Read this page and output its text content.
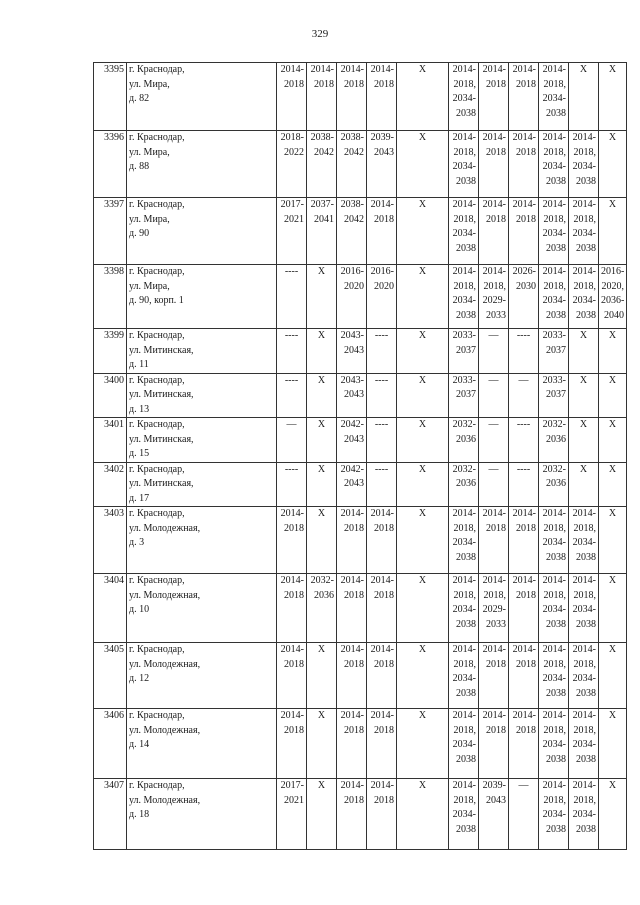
329
3395	г. Краснодар,
ул. Мира,
д. 82	2014-
2018	2014-
2018	2014-
2018	2014-
2018	Х	2014-
2018,
2034-
2038	2014-
2018	2014-
2018	2014-
2018,
2034-
2038	Х	Х
3396	г. Краснодар,
ул. Мира,
д. 88	2018-
2022	2038-
2042	2038-
2042	2039-
2043	Х	2014-
2018,
2034-
2038	2014-
2018	2014-
2018	2014-
2018,
2034-
2038	2014-
2018,
2034-
2038	Х
3397	г. Краснодар,
ул. Мира,
д. 90	2017-
2021	2037-
2041	2038-
2042	2014-
2018	Х	2014-
2018,
2034-
2038	2014-
2018	2014-
2018	2014-
2018,
2034-
2038	2014-
2018,
2034-
2038	Х
3398	г. Краснодар,
ул. Мира,
д. 90, корп. 1	----	Х	2016-
2020	2016-
2020	Х	2014-
2018,
2034-
2038	2014-
2018,
2029-
2033	2026-
2030	2014-
2018,
2034-
2038	2014-
2018,
2034-
2038	2016-
2020,
2036-
2040
3399	г. Краснодар,
ул. Митинская,
д. 11	----	Х	2043-
2043	----	Х	2033-
2037	—	----	2033-
2037	Х	Х
3400	г. Краснодар,
ул. Митинская,
д. 13	----	Х	2043-
2043	----	Х	2033-
2037	—	—	2033-
2037	Х	Х
3401	г. Краснодар,
ул. Митинская,
д. 15	—	Х	2042-
2043	----	Х	2032-
2036	—	----	2032-
2036	Х	Х
3402	г. Краснодар,
ул. Митинская,
д. 17	----	Х	2042-
2043	----	Х	2032-
2036	—	----	2032-
2036	Х	Х
3403	г. Краснодар,
ул. Молодежная,
д. 3	2014-
2018	Х	2014-
2018	2014-
2018	Х	2014-
2018,
2034-
2038	2014-
2018	2014-
2018	2014-
2018,
2034-
2038	2014-
2018,
2034-
2038	Х
3404	г. Краснодар,
ул. Молодежная,
д. 10	2014-
2018	2032-
2036	2014-
2018	2014-
2018	Х	2014-
2018,
2034-
2038	2014-
2018,
2029-
2033	2014-
2018	2014-
2018,
2034-
2038	2014-
2018,
2034-
2038	Х
3405	г. Краснодар,
ул. Молодежная,
д. 12	2014-
2018	Х	2014-
2018	2014-
2018	Х	2014-
2018,
2034-
2038	2014-
2018	2014-
2018	2014-
2018,
2034-
2038	2014-
2018,
2034-
2038	Х
3406	г. Краснодар,
ул. Молодежная,
д. 14	2014-
2018	Х	2014-
2018	2014-
2018	Х	2014-
2018,
2034-
2038	2014-
2018	2014-
2018	2014-
2018,
2034-
2038	2014-
2018,
2034-
2038	Х
3407	г. Краснодар,
ул. Молодежная,
д. 18	2017-
2021	Х	2014-
2018	2014-
2018	Х	2014-
2018,
2034-
2038	2039-
2043	—	2014-
2018,
2034-
2038	2014-
2018,
2034-
2038	Х
